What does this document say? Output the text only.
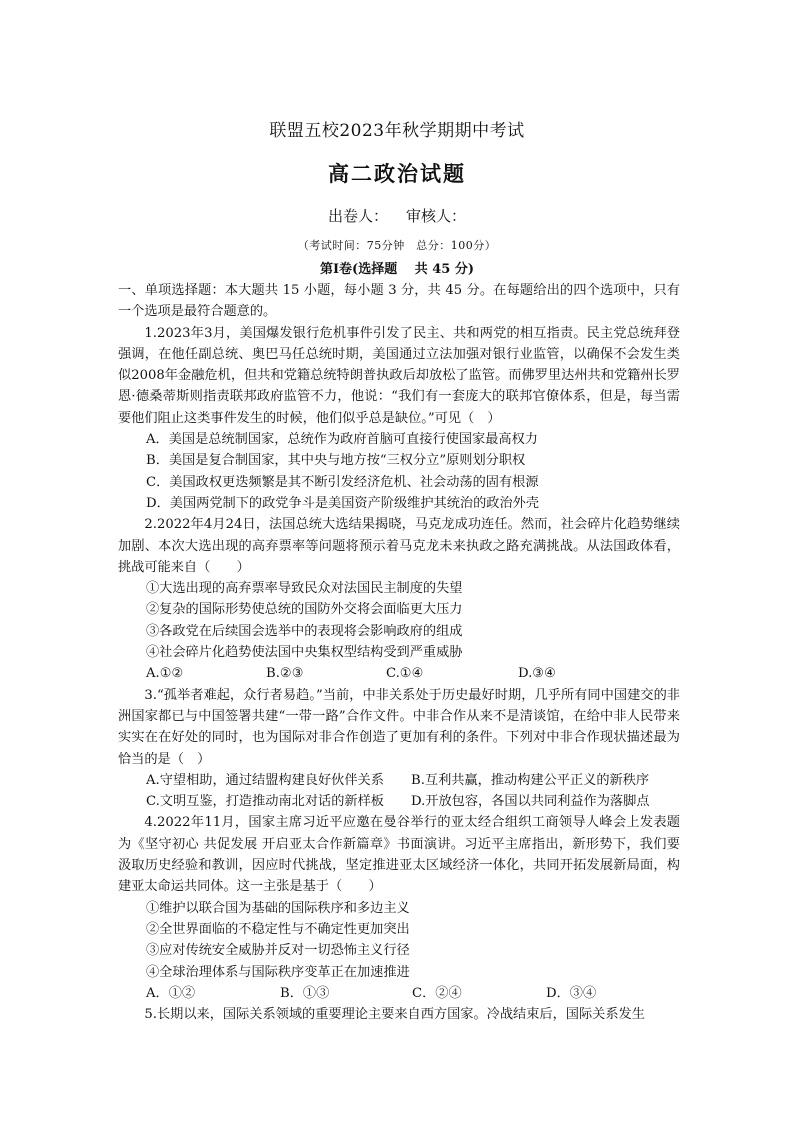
联盟五校2023年秋学期期中考试
高二政治试题
出卷人： 审核人：
（考试时间：75分钟　总分：100分）
第Ⅰ卷(选择题　 共 45 分)

一、单项选择题：本大题共 15 小题，每小题 3 分，共 45 分。在每题给出的四个选项中，只有一个选项是最符合题意的。

1.2023年3月，美国爆发银行危机事件引发了民主、共和两党的相互指责。民主党总统拜登强调，在他任副总统、奥巴马任总统时期，美国通过立法加强对银行业监管，以确保不会发生类似2008年金融危机，但共和党籍总统特朗普执政后却放松了监管。而佛罗里达州共和党籍州长罗恩·德桑蒂斯则指责联邦政府监管不力，他说：“我们有一套庞大的联邦官僚体系，但是，每当需要他们阻止这类事件发生的时候，他们似乎总是缺位。”可见（　）

A．美国是总统制国家，总统作为政府首脑可直接行使国家最高权力
B．美国是复合制国家，其中央与地方按“三权分立”原则划分职权
C．美国政权更迭频繁是其不断引发经济危机、社会动荡的固有根源
D．美国两党制下的政党争斗是美国资产阶级维护其统治的政治外壳

2.2022年4月24日，法国总统大选结果揭晓，马克龙成功连任。然而，社会碎片化趋势继续加剧、本次大选出现的高弃票率等问题将预示着马克龙未来执政之路充满挑战。从法国政体看，挑战可能来自（　　）

①大选出现的高弃票率导致民众对法国民主制度的失望
②复杂的国际形势使总统的国防外交将会面临更大压力
③各政党在后续国会选举中的表现将会影响政府的组成
④社会碎片化趋势使法国中央集权型结构受到严重威胁
A.①②	B.②③	C.①④	D.③④

3.“孤举者难起，众行者易趋。”当前，中非关系处于历史最好时期，几乎所有同中国建交的非洲国家都已与中国签署共建“一带一路”合作文件。中非合作从来不是清谈馆，在给中非人民带来实实在在好处的同时，也为国际对非合作创造了更加有利的条件。下列对中非合作现状描述最为恰当的是（　）

A.守望相助，通过结盟构建良好伙伴关系	B.互利共赢，推动构建公平正义的新秩序
C.文明互鉴，打造推动南北对话的新样板	D.开放包容，各国以共同利益作为落脚点

4.2022年11月，国家主席习近平应邀在曼谷举行的亚太经合组织工商领导人峰会上发表题为《坚守初心 共促发展 开启亚太合作新篇章》书面演讲。习近平主席指出，新形势下，我们要汲取历史经验和教训，因应时代挑战，坚定推进亚太区域经济一体化，共同开拓发展新局面，构建亚太命运共同体。这一主张是基于（　　）

①维护以联合国为基础的国际秩序和多边主义
②全世界面临的不稳定性与不确定性更加突出
③应对传统安全威胁并反对一切恐怖主义行径
④全球治理体系与国际秩序变革正在加速推进
A．①②	B．①③	C．②④	D．③④

5.长期以来，国际关系领域的重要理论主要来自西方国家。冷战结束后，国际关系发生
